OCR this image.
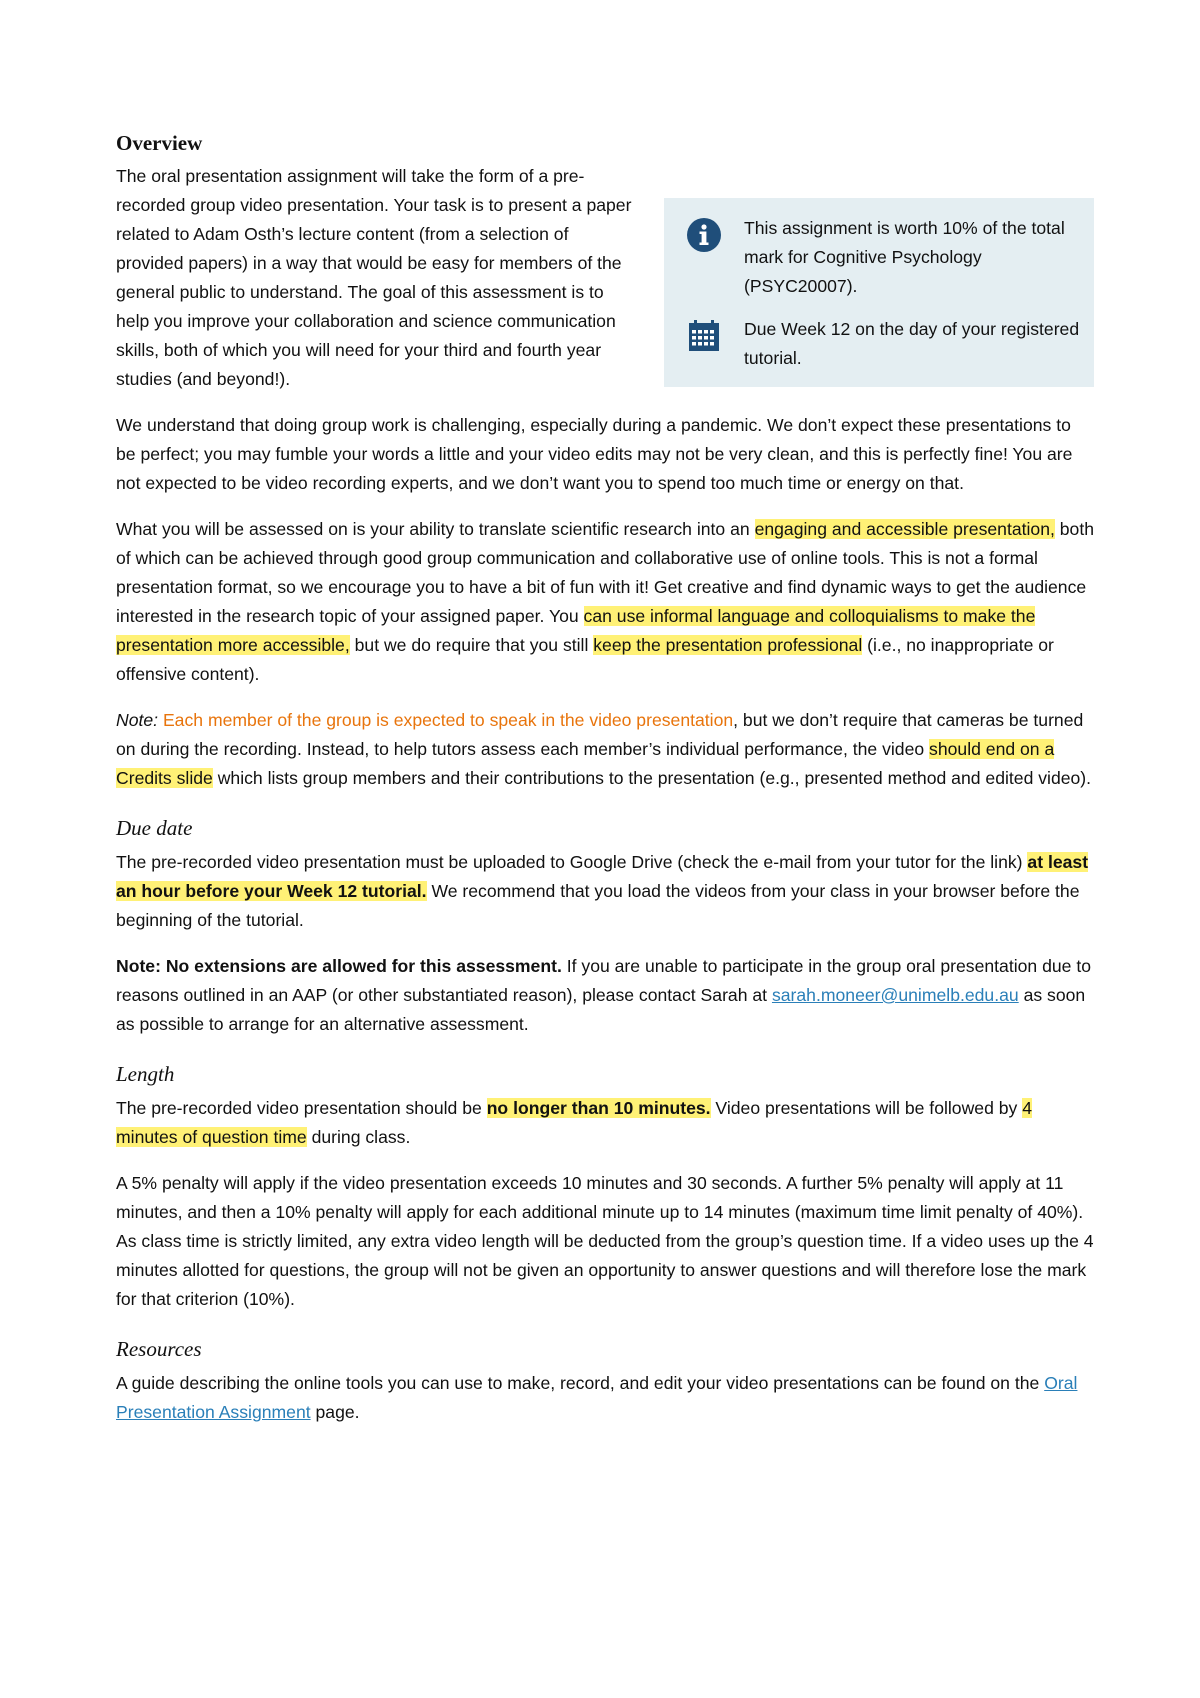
Overview

The oral presentation assignment will take the form of a pre-recorded group video presentation. Your task is to present a paper related to Adam Osth’s lecture content (from a selection of provided papers) in a way that would be easy for members of the general public to understand. The goal of this assessment is to help you improve your collaboration and science communication skills, both of which you will need for your third and fourth year studies (and beyond!).

This assignment is worth 10% of the total mark for Cognitive Psychology (PSYC20007).
Due Week 12 on the day of your registered tutorial.

We understand that doing group work is challenging, especially during a pandemic. We don’t expect these presentations to be perfect; you may fumble your words a little and your video edits may not be very clean, and this is perfectly fine! You are not expected to be video recording experts, and we don’t want you to spend too much time or energy on that.

What you will be assessed on is your ability to translate scientific research into an engaging and accessible presentation, both of which can be achieved through good group communication and collaborative use of online tools. This is not a formal presentation format, so we encourage you to have a bit of fun with it! Get creative and find dynamic ways to get the audience interested in the research topic of your assigned paper. You can use informal language and colloquialisms to make the presentation more accessible, but we do require that you still keep the presentation professional (i.e., no inappropriate or offensive content).

Note: Each member of the group is expected to speak in the video presentation, but we don’t require that cameras be turned on during the recording. Instead, to help tutors assess each member’s individual performance, the video should end on a Credits slide which lists group members and their contributions to the presentation (e.g., presented method and edited video).

Due date

The pre-recorded video presentation must be uploaded to Google Drive (check the e-mail from your tutor for the link) at least an hour before your Week 12 tutorial. We recommend that you load the videos from your class in your browser before the beginning of the tutorial.

Note: No extensions are allowed for this assessment. If you are unable to participate in the group oral presentation due to reasons outlined in an AAP (or other substantiated reason), please contact Sarah at sarah.moneer@unimelb.edu.au as soon as possible to arrange for an alternative assessment.

Length

The pre-recorded video presentation should be no longer than 10 minutes. Video presentations will be followed by 4 minutes of question time during class.

A 5% penalty will apply if the video presentation exceeds 10 minutes and 30 seconds. A further 5% penalty will apply at 11 minutes, and then a 10% penalty will apply for each additional minute up to 14 minutes (maximum time limit penalty of 40%). As class time is strictly limited, any extra video length will be deducted from the group’s question time. If a video uses up the 4 minutes allotted for questions, the group will not be given an opportunity to answer questions and will therefore lose the mark for that criterion (10%).

Resources

A guide describing the online tools you can use to make, record, and edit your video presentations can be found on the Oral Presentation Assignment page.
